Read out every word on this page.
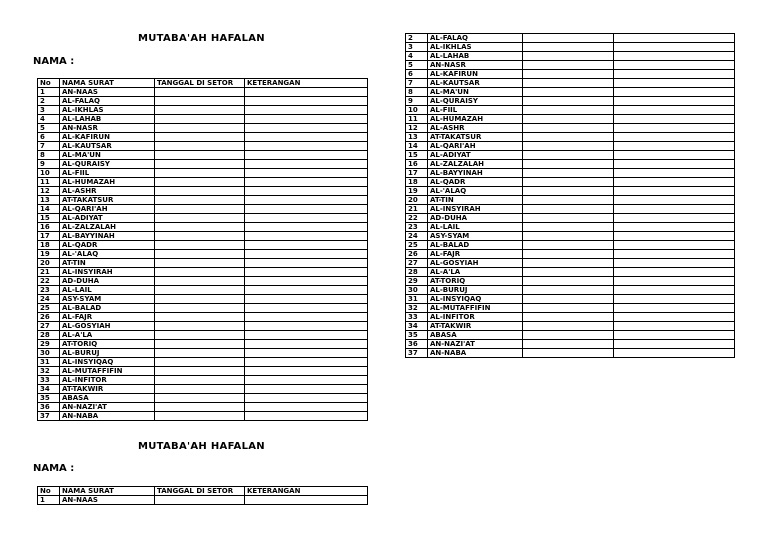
MUTABA'AH HAFALAN
NAMA :
No	NAMA SURAT	TANGGAL DI SETOR	KETERANGAN
1	AN-NAAS		
2	AL-FALAQ		
3	AL-IKHLAS		
4	AL-LAHAB		
5	AN-NASR		
6	AL-KAFIRUN		
7	AL-KAUTSAR		
8	AL-MA'UN		
9	AL-QURAISY		
10	AL-FIIL		
11	AL-HUMAZAH		
12	AL-ASHR		
13	AT-TAKATSUR		
14	AL-QARI'AH		
15	AL-ADIYAT		
16	AL-ZALZALAH		
17	AL-BAYYINAH		
18	AL-QADR		
19	AL-'ALAQ		
20	AT-TIN		
21	AL-INSYIRAH		
22	AD-DUHA		
23	AL-LAIL		
24	ASY-SYAM		
25	AL-BALAD		
26	AL-FAJR		
27	AL-GOSYIAH		
28	AL-A'LA		
29	AT-TORIQ		
30	AL-BURUJ		
31	AL-INSYIQAQ		
32	AL-MUTAFFIFIN		
33	AL-INFITOR		
34	AT-TAKWIR		
35	ABASA		
36	AN-NAZI'AT		
37	AN-NABA		
2	AL-FALAQ		
3	AL-IKHLAS		
4	AL-LAHAB		
5	AN-NASR		
6	AL-KAFIRUN		
7	AL-KAUTSAR		
8	AL-MA'UN		
9	AL-QURAISY		
10	AL-FIIL		
11	AL-HUMAZAH		
12	AL-ASHR		
13	AT-TAKATSUR		
14	AL-QARI'AH		
15	AL-ADIYAT		
16	AL-ZALZALAH		
17	AL-BAYYINAH		
18	AL-QADR		
19	AL-'ALAQ		
20	AT-TIN		
21	AL-INSYIRAH		
22	AD-DUHA		
23	AL-LAIL		
24	ASY-SYAM		
25	AL-BALAD		
26	AL-FAJR		
27	AL-GOSYIAH		
28	AL-A'LA		
29	AT-TORIQ		
30	AL-BURUJ		
31	AL-INSYIQAQ		
32	AL-MUTAFFIFIN		
33	AL-INFITOR		
34	AT-TAKWIR		
35	ABASA		
36	AN-NAZI'AT		
37	AN-NABA		
MUTABA'AH HAFALAN
NAMA :
No	NAMA SURAT	TANGGAL DI SETOR	KETERANGAN
1	AN-NAAS		
